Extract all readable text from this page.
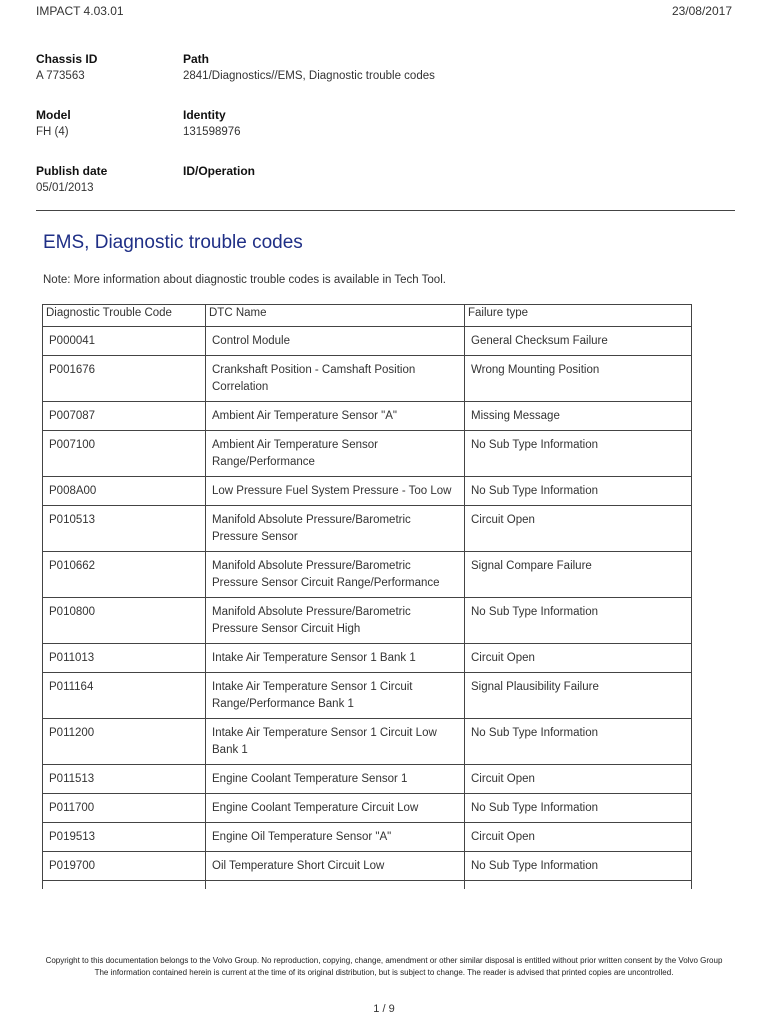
IMPACT 4.03.01	23/08/2017
Chassis ID
A 773563
Path
2841/Diagnostics//EMS, Diagnostic trouble codes
Model
FH (4)
Identity
131598976
Publish date
05/01/2013
ID/Operation
EMS, Diagnostic trouble codes
Note: More information about diagnostic trouble codes is available in Tech Tool.
Diagnostic Trouble Code	DTC Name	Failure type
P000041	Control Module	General Checksum Failure
P001676	Crankshaft Position - Camshaft Position Correlation	Wrong Mounting Position
P007087	Ambient Air Temperature Sensor "A"	Missing Message
P007100	Ambient Air Temperature Sensor Range/Performance	No Sub Type Information
P008A00	Low Pressure Fuel System Pressure - Too Low	No Sub Type Information
P010513	Manifold Absolute Pressure/Barometric Pressure Sensor	Circuit Open
P010662	Manifold Absolute Pressure/Barometric Pressure Sensor Circuit Range/Performance	Signal Compare Failure
P010800	Manifold Absolute Pressure/Barometric Pressure Sensor Circuit High	No Sub Type Information
P011013	Intake Air Temperature Sensor 1 Bank 1	Circuit Open
P011164	Intake Air Temperature Sensor 1 Circuit Range/Performance Bank 1	Signal Plausibility Failure
P011200	Intake Air Temperature Sensor 1 Circuit Low Bank 1	No Sub Type Information
P011513	Engine Coolant Temperature Sensor 1	Circuit Open
P011700	Engine Coolant Temperature Circuit Low	No Sub Type Information
P019513	Engine Oil Temperature Sensor "A"	Circuit Open
P019700	Oil Temperature Short Circuit Low	No Sub Type Information

Copyright to this documentation belongs to the Volvo Group. No reproduction, copying, change, amendment or other similar disposal is entitled without prior written consent by the Volvo Group
The information contained herein is current at the time of its original distribution, but is subject to change. The reader is advised that printed copies are uncontrolled.
1 / 9
